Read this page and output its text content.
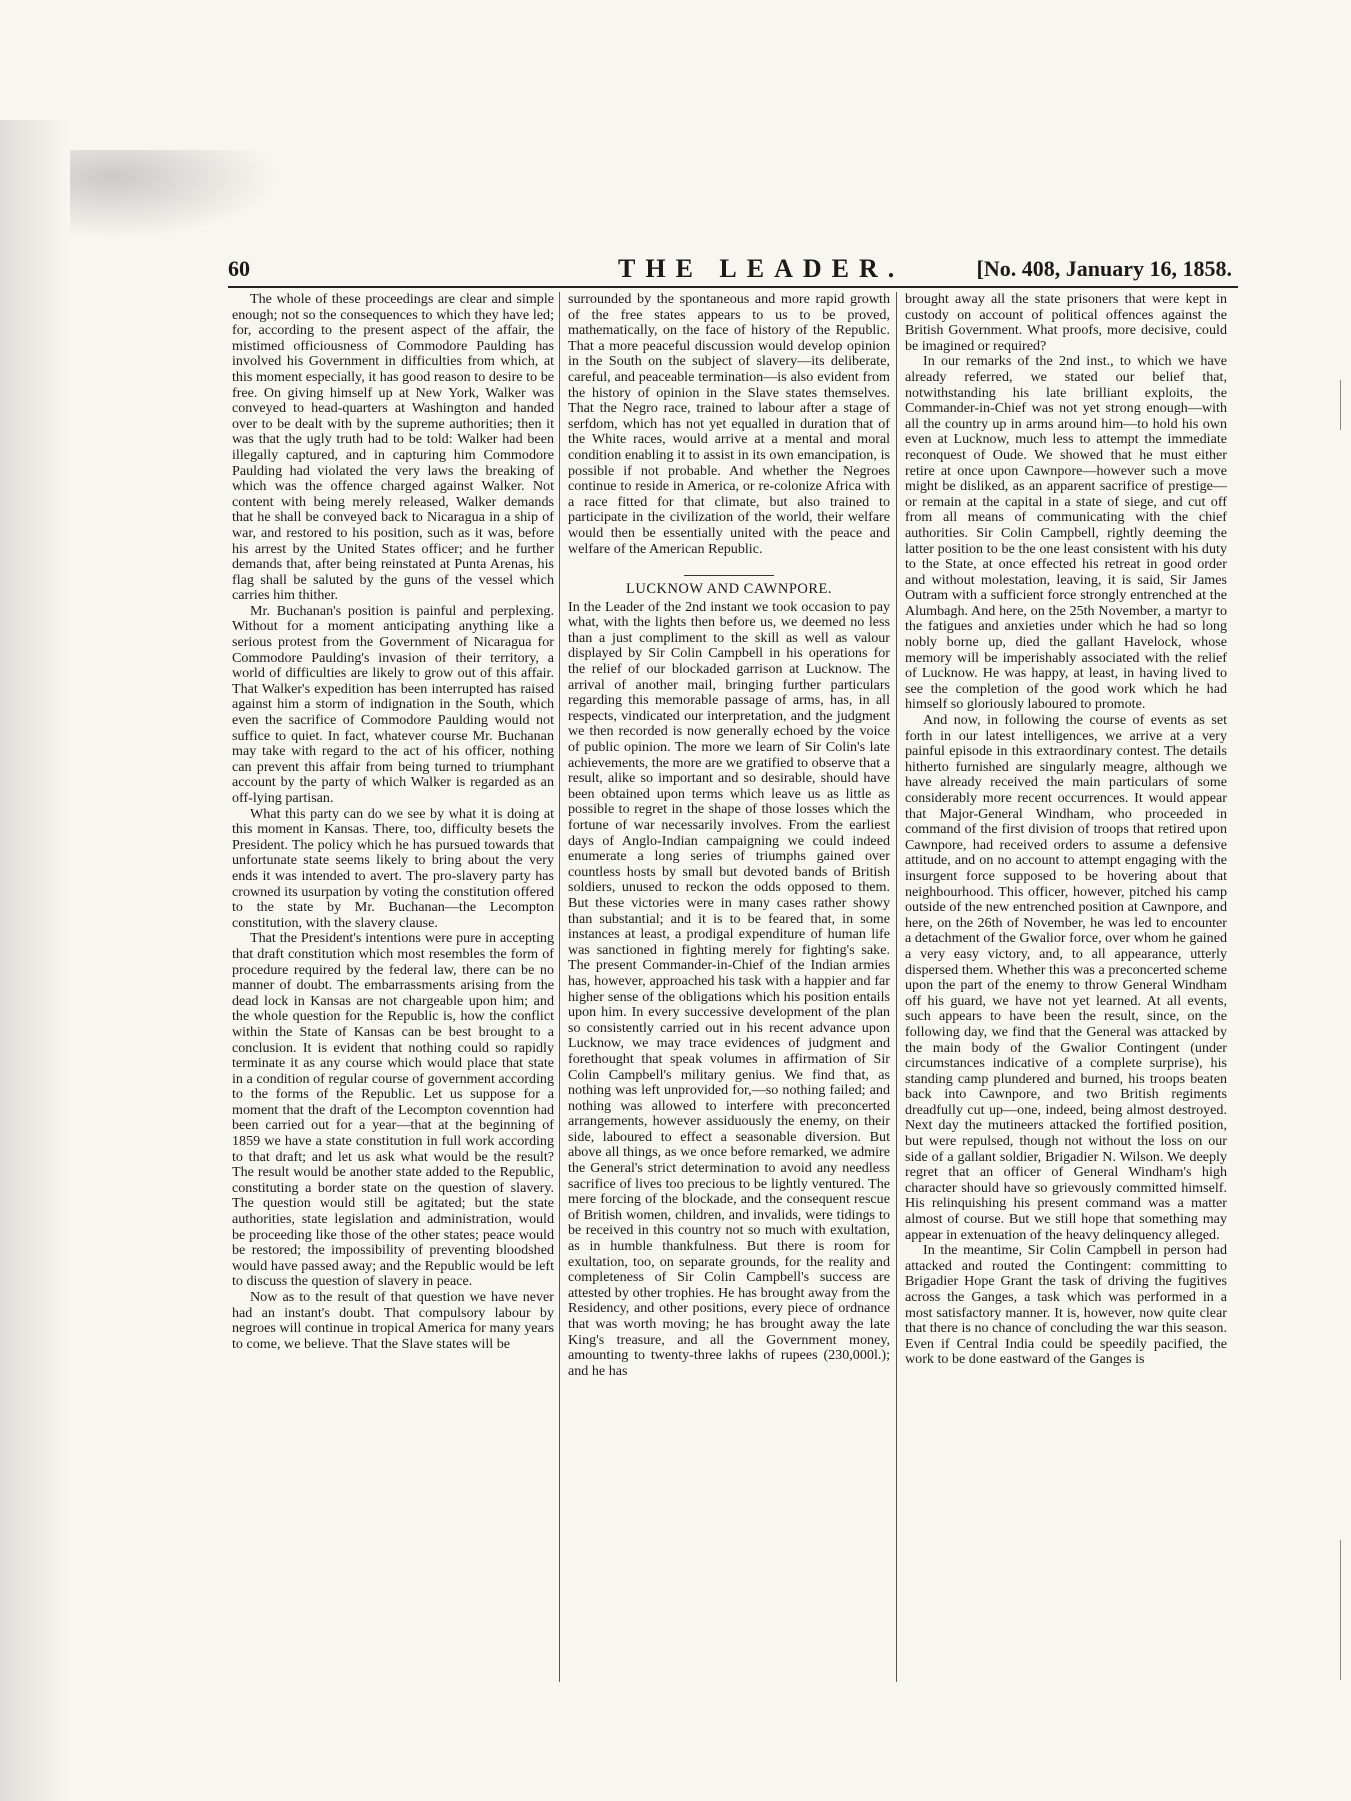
60	THE LEADER.	[No. 408, January 16, 1858.

The whole of these proceedings are clear and simple enough; not so the consequences to which they have led; for, according to the present aspect of the affair, the mistimed officiousness of Commodore Paulding has involved his Government in difficulties from which, at this moment especially, it has good reason to desire to be free. On giving himself up at New York, Walker was conveyed to head-quarters at Washington and handed over to be dealt with by the supreme authorities; then it was that the ugly truth had to be told: Walker had been illegally captured, and in capturing him Commodore Paulding had violated the very laws the breaking of which was the offence charged against Walker. Not content with being merely released, Walker demands that he shall be conveyed back to Nicaragua in a ship of war, and restored to his position, such as it was, before his arrest by the United States officer; and he further demands that, after being reinstated at Punta Arenas, his flag shall be saluted by the guns of the vessel which carries him thither.

Mr. Buchanan's position is painful and perplexing. Without for a moment anticipating anything like a serious protest from the Government of Nicaragua for Commodore Paulding's invasion of their territory, a world of difficulties are likely to grow out of this affair. That Walker's expedition has been interrupted has raised against him a storm of indignation in the South, which even the sacrifice of Commodore Paulding would not suffice to quiet. In fact, whatever course Mr. Buchanan may take with regard to the act of his officer, nothing can prevent this affair from being turned to triumphant account by the party of which Walker is regarded as an off-lying partisan.

What this party can do we see by what it is doing at this moment in Kansas. There, too, difficulty besets the President. The policy which he has pursued towards that unfortunate state seems likely to bring about the very ends it was intended to avert. The pro-slavery party has crowned its usurpation by voting the constitution offered to the state by Mr. Buchanan—the Lecompton constitution, with the slavery clause.

That the President's intentions were pure in accepting that draft constitution which most resembles the form of procedure required by the federal law, there can be no manner of doubt. The embarrassments arising from the dead lock in Kansas are not chargeable upon him; and the whole question for the Republic is, how the conflict within the State of Kansas can be best brought to a conclusion. It is evident that nothing could so rapidly terminate it as any course which would place that state in a condition of regular course of government according to the forms of the Republic. Let us suppose for a moment that the draft of the Lecompton covenntion had been carried out for a year—that at the beginning of 1859 we have a state constitution in full work according to that draft; and let us ask what would be the result? The result would be another state added to the Republic, constituting a border state on the question of slavery. The question would still be agitated; but the state authorities, state legislation and administration, would be proceeding like those of the other states; peace would be restored; the impossibility of preventing bloodshed would have passed away; and the Republic would be left to discuss the question of slavery in peace.

Now as to the result of that question we have never had an instant's doubt. That compulsory labour by negroes will continue in tropical America for many years to come, we believe. That the Slave states will be

surrounded by the spontaneous and more rapid growth of the free states appears to us to be proved, mathematically, on the face of history of the Republic. That a more peaceful discussion would develop opinion in the South on the subject of slavery—its deliberate, careful, and peaceable termination—is also evident from the history of opinion in the Slave states themselves. That the Negro race, trained to labour after a stage of serfdom, which has not yet equalled in duration that of the White races, would arrive at a mental and moral condition enabling it to assist in its own emancipation, is possible if not probable. And whether the Negroes continue to reside in America, or re-colonize Africa with a race fitted for that climate, but also trained to participate in the civilization of the world, their welfare would then be essentially united with the peace and welfare of the American Republic.

LUCKNOW AND CAWNPORE.

In the Leader of the 2nd instant we took occasion to pay what, with the lights then before us, we deemed no less than a just compliment to the skill as well as valour displayed by Sir Colin Campbell in his operations for the relief of our blockaded garrison at Lucknow. The arrival of another mail, bringing further particulars regarding this memorable passage of arms, has, in all respects, vindicated our interpretation, and the judgment we then recorded is now generally echoed by the voice of public opinion. The more we learn of Sir Colin's late achievements, the more are we gratified to observe that a result, alike so important and so desirable, should have been obtained upon terms which leave us as little as possible to regret in the shape of those losses which the fortune of war necessarily involves. From the earliest days of Anglo-Indian campaigning we could indeed enumerate a long series of triumphs gained over countless hosts by small but devoted bands of British soldiers, unused to reckon the odds opposed to them. But these victories were in many cases rather showy than substantial; and it is to be feared that, in some instances at least, a prodigal expenditure of human life was sanctioned in fighting merely for fighting's sake. The present Commander-in-Chief of the Indian armies has, however, approached his task with a happier and far higher sense of the obligations which his position entails upon him. In every successive development of the plan so consistently carried out in his recent advance upon Lucknow, we may trace evidences of judgment and forethought that speak volumes in affirmation of Sir Colin Campbell's military genius. We find that, as nothing was left unprovided for,—so nothing failed; and nothing was allowed to interfere with preconcerted arrangements, however assiduously the enemy, on their side, laboured to effect a seasonable diversion. But above all things, as we once before remarked, we admire the General's strict determination to avoid any needless sacrifice of lives too precious to be lightly ventured. The mere forcing of the blockade, and the consequent rescue of British women, children, and invalids, were tidings to be received in this country not so much with exultation, as in humble thankfulness. But there is room for exultation, too, on separate grounds, for the reality and completeness of Sir Colin Campbell's success are attested by other trophies. He has brought away from the Residency, and other positions, every piece of ordnance that was worth moving; he has brought away the late King's treasure, and all the Government money, amounting to twenty-three lakhs of rupees (230,000l.); and he has

brought away all the state prisoners that were kept in custody on account of political offences against the British Government. What proofs, more decisive, could be imagined or required?

In our remarks of the 2nd inst., to which we have already referred, we stated our belief that, notwithstanding his late brilliant exploits, the Commander-in-Chief was not yet strong enough—with all the country up in arms around him—to hold his own even at Lucknow, much less to attempt the immediate reconquest of Oude. We showed that he must either retire at once upon Cawnpore—however such a move might be disliked, as an apparent sacrifice of prestige—or remain at the capital in a state of siege, and cut off from all means of communicating with the chief authorities. Sir Colin Campbell, rightly deeming the latter position to be the one least consistent with his duty to the State, at once effected his retreat in good order and without molestation, leaving, it is said, Sir James Outram with a sufficient force strongly entrenched at the Alumbagh. And here, on the 25th November, a martyr to the fatigues and anxieties under which he had so long nobly borne up, died the gallant Havelock, whose memory will be imperishably associated with the relief of Lucknow. He was happy, at least, in having lived to see the completion of the good work which he had himself so gloriously laboured to promote.

And now, in following the course of events as set forth in our latest intelligences, we arrive at a very painful episode in this extraordinary contest. The details hitherto furnished are singularly meagre, although we have already received the main particulars of some considerably more recent occurrences. It would appear that Major-General Windham, who proceeded in command of the first division of troops that retired upon Cawnpore, had received orders to assume a defensive attitude, and on no account to attempt engaging with the insurgent force supposed to be hovering about that neighbourhood. This officer, however, pitched his camp outside of the new entrenched position at Cawnpore, and here, on the 26th of November, he was led to encounter a detachment of the Gwalior force, over whom he gained a very easy victory, and, to all appearance, utterly dispersed them. Whether this was a preconcerted scheme upon the part of the enemy to throw General Windham off his guard, we have not yet learned. At all events, such appears to have been the result, since, on the following day, we find that the General was attacked by the main body of the Gwalior Contingent (under circumstances indicative of a complete surprise), his standing camp plundered and burned, his troops beaten back into Cawnpore, and two British regiments dreadfully cut up—one, indeed, being almost destroyed. Next day the mutineers attacked the fortified position, but were repulsed, though not without the loss on our side of a gallant soldier, Brigadier N. Wilson. We deeply regret that an officer of General Windham's high character should have so grievously committed himself. His relinquishing his present command was a matter almost of course. But we still hope that something may appear in extenuation of the heavy delinquency alleged.

In the meantime, Sir Colin Campbell in person had attacked and routed the Contingent: committing to Brigadier Hope Grant the task of driving the fugitives across the Ganges, a task which was performed in a most satisfactory manner. It is, however, now quite clear that there is no chance of concluding the war this season. Even if Central India could be speedily pacified, the work to be done eastward of the Ganges is
